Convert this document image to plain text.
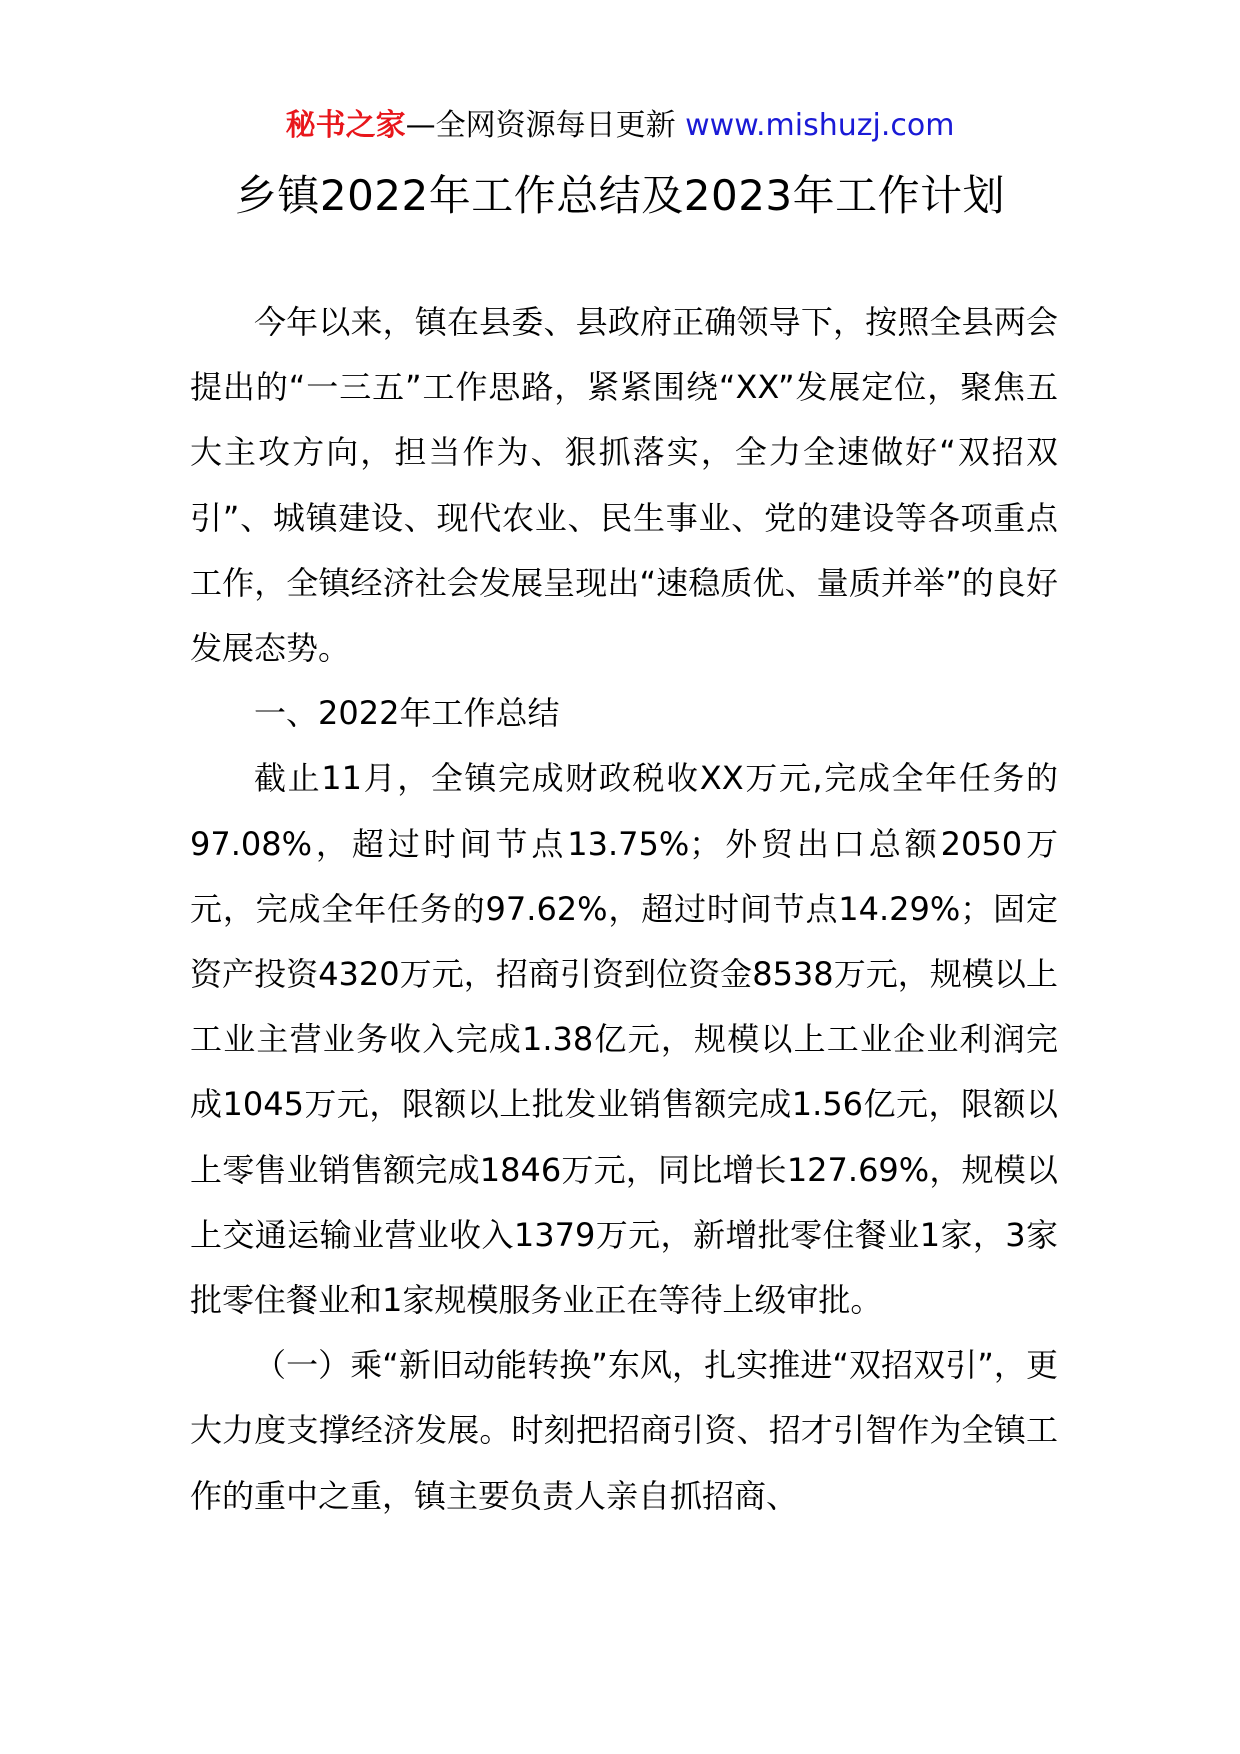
秘书之家—全网资源每日更新 www.mishuzj.com
乡镇2022年工作总结及2023年工作计划

今年以来，镇在县委、县政府正确领导下，按照全县两会提出的“一三五”工作思路，紧紧围绕“XX”发展定位，聚焦五大主攻方向，担当作为、狠抓落实，全力全速做好“双招双引”、城镇建设、现代农业、民生事业、党的建设等各项重点工作，全镇经济社会发展呈现出“速稳质优、量质并举”的良好发展态势。

一、2022年工作总结

截止11月，全镇完成财政税收XX万元,完成全年任务的97.08%，超过时间节点13.75%；外贸出口总额2050万元，完成全年任务的97.62%，超过时间节点14.29%；固定资产投资4320万元，招商引资到位资金8538万元，规模以上工业主营业务收入完成1.38亿元，规模以上工业企业利润完成1045万元，限额以上批发业销售额完成1.56亿元，限额以上零售业销售额完成1846万元，同比增长127.69%，规模以上交通运输业营业收入1379万元，新增批零住餐业1家，3家批零住餐业和1家规模服务业正在等待上级审批。

（一）乘“新旧动能转换”东风，扎实推进“双招双引”，更大力度支撑经济发展。时刻把招商引资、招才引智作为全镇工作的重中之重，镇主要负责人亲自抓招商、
